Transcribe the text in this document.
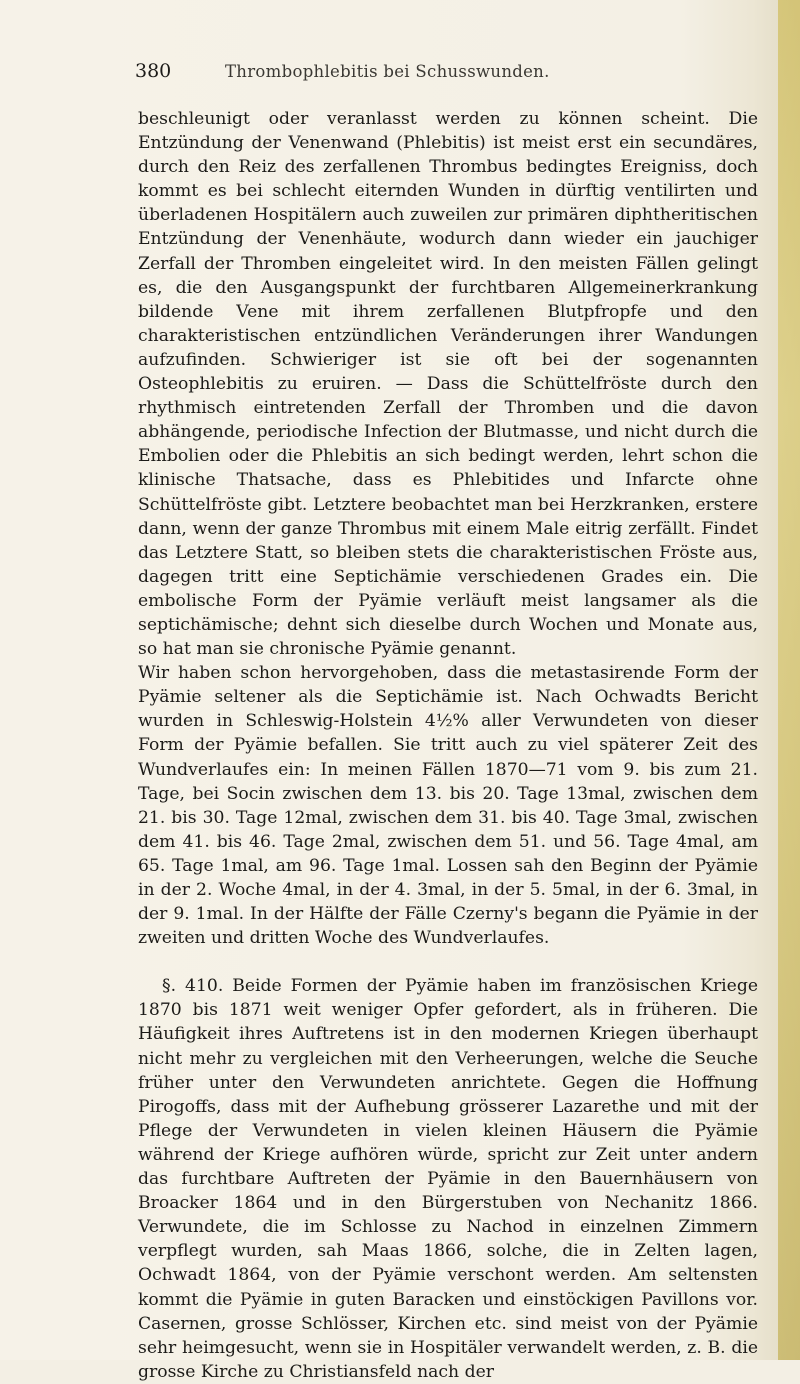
380	Thrombophlebitis bei Schusswunden.

beschleunigt oder veranlasst werden zu können scheint. Die Entzündung der Venenwand (Phlebitis) ist meist erst ein secundäres, durch den Reiz des zerfallenen Thrombus bedingtes Ereigniss, doch kommt es bei schlecht eiternden Wunden in dürftig ventilirten und überladenen Hospitälern auch zuweilen zur primären diphtheritischen Entzündung der Venenhäute, wodurch dann wieder ein jauchiger Zerfall der Thromben eingeleitet wird. In den meisten Fällen gelingt es, die den Ausgangspunkt der furchtbaren Allgemeinerkrankung bildende Vene mit ihrem zerfallenen Blutpfropfe und den charakteristischen entzündlichen Veränderungen ihrer Wandungen aufzufinden. Schwieriger ist sie oft bei der sogenannten Osteophlebitis zu eruiren. — Dass die Schüttelfröste durch den rhythmisch eintretenden Zerfall der Thromben und die davon abhängende, periodische Infection der Blutmasse, und nicht durch die Embolien oder die Phlebitis an sich bedingt werden, lehrt schon die klinische Thatsache, dass es Phlebitides und Infarcte ohne Schüttelfröste gibt. Letztere beobachtet man bei Herzkranken, erstere dann, wenn der ganze Thrombus mit einem Male eitrig zerfällt. Findet das Letztere Statt, so bleiben stets die charakteristischen Fröste aus, dagegen tritt eine Septichämie verschiedenen Grades ein. Die embolische Form der Pyämie verläuft meist langsamer als die septichämische; dehnt sich dieselbe durch Wochen und Monate aus, so hat man sie chronische Pyämie genannt.

Wir haben schon hervorgehoben, dass die metastasirende Form der Pyämie seltener als die Septichämie ist. Nach Ochwadts Bericht wurden in Schleswig-Holstein 4½% aller Verwundeten von dieser Form der Pyämie befallen. Sie tritt auch zu viel späterer Zeit des Wundverlaufes ein: In meinen Fällen 1870—71 vom 9. bis zum 21. Tage, bei Socin zwischen dem 13. bis 20. Tage 13mal, zwischen dem 21. bis 30. Tage 12mal, zwischen dem 31. bis 40. Tage 3mal, zwischen dem 41. bis 46. Tage 2mal, zwischen dem 51. und 56. Tage 4mal, am 65. Tage 1mal, am 96. Tage 1mal. Lossen sah den Beginn der Pyämie in der 2. Woche 4mal, in der 4. 3mal, in der 5. 5mal, in der 6. 3mal, in der 9. 1mal. In der Hälfte der Fälle Czerny's begann die Pyämie in der zweiten und dritten Woche des Wundverlaufes.

§. 410. Beide Formen der Pyämie haben im französischen Kriege 1870 bis 1871 weit weniger Opfer gefordert, als in früheren. Die Häufigkeit ihres Auftretens ist in den modernen Kriegen überhaupt nicht mehr zu vergleichen mit den Verheerungen, welche die Seuche früher unter den Verwundeten anrichtete. Gegen die Hoffnung Pirogoffs, dass mit der Aufhebung grösserer Lazarethe und mit der Pflege der Verwundeten in vielen kleinen Häusern die Pyämie während der Kriege aufhören würde, spricht zur Zeit unter andern das furchtbare Auftreten der Pyämie in den Bauernhäusern von Broacker 1864 und in den Bürgerstuben von Nechanitz 1866. Verwundete, die im Schlosse zu Nachod in einzelnen Zimmern verpflegt wurden, sah Maas 1866, solche, die in Zelten lagen, Ochwadt 1864, von der Pyämie verschont werden. Am seltensten kommt die Pyämie in guten Baracken und einstöckigen Pavillons vor. Casernen, grosse Schlösser, Kirchen etc. sind meist von der Pyämie sehr heimgesucht, wenn sie in Hospitäler verwandelt werden, z. B. die grosse Kirche zu Christiansfeld nach der
